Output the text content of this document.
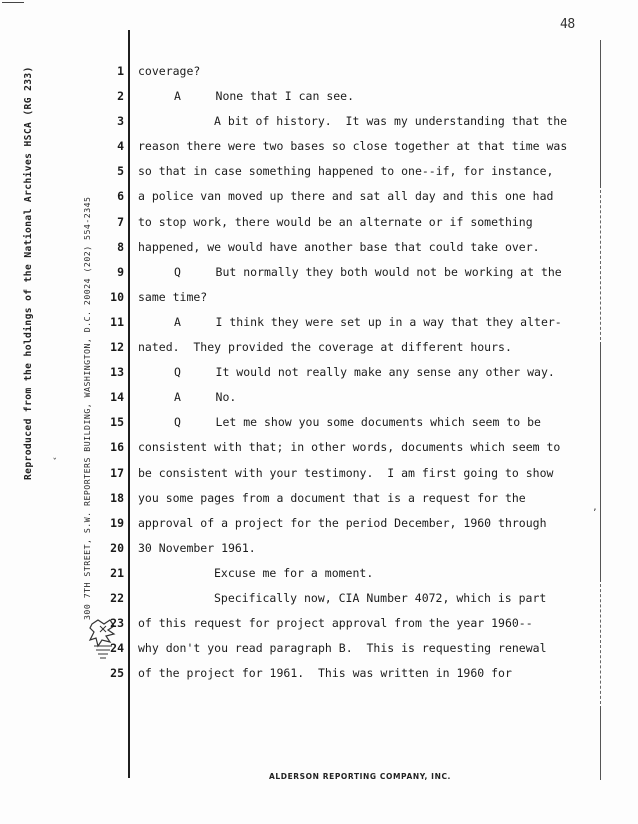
48
Reproduced from the holdings of the National Archives HSCA (RG 233)	300 7TH STREET, S.W. REPORTERS BUILDING, WASHINGTON, D.C. 20024 (202) 554-2345
ˇ
ʼ
1
2
3
4
5
6
7
8
9
10
11
12
13
14
15
16
17
18
19
20
21
22
23
24
25
coverage?
A     None that I can see.
A bit of history.  It was my understanding that the
reason there were two bases so close together at that time was
so that in case something happened to one--if, for instance,
a police van moved up there and sat all day and this one had
to stop work, there would be an alternate or if something
happened, we would have another base that could take over.
Q     But normally they both would not be working at the
same time?
A     I think they were set up in a way that they alter-
nated.  They provided the coverage at different hours.
Q     It would not really make any sense any other way.
A     No.
Q     Let me show you some documents which seem to be
consistent with that; in other words, documents which seem to
be consistent with your testimony.  I am first going to show
you some pages from a document that is a request for the
approval of a project for the period December, 1960 through
30 November 1961.
Excuse me for a moment.
Specifically now, CIA Number 4072, which is part
of this request for project approval from the year 1960--
why don't you read paragraph B.  This is requesting renewal
of the project for 1961.  This was written in 1960 for
ALDERSON REPORTING COMPANY, INC.
